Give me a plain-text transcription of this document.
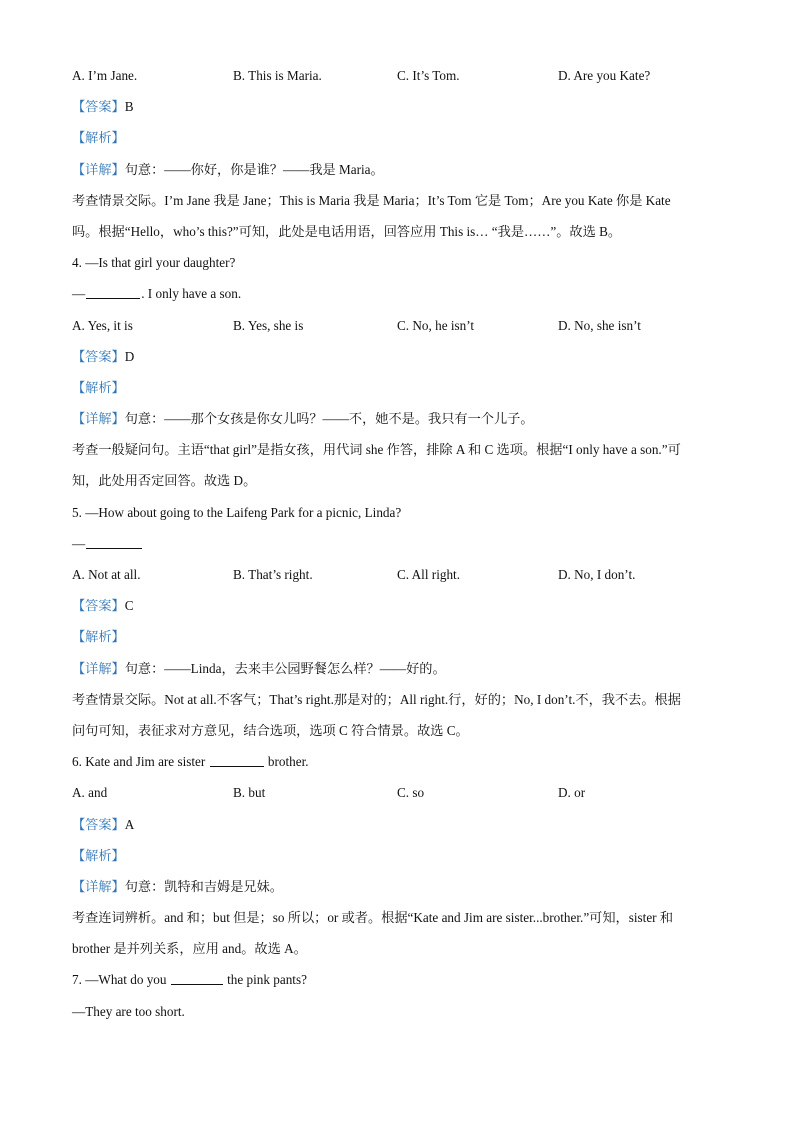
A. I’m Jane.	B. This is Maria.	C. It’s Tom.	D. Are you Kate?
【答案】B
【解析】
【详解】句意：——你好，你是谁？——我是 Maria。
考查情景交际。I’m Jane 我是 Jane；This is Maria 我是 Maria；It’s Tom 它是 Tom；Are you Kate 你是 Kate
吗。根据“Hello，who’s this?”可知，此处是电话用语，回答应用 This is… “我是……”。故选 B。
4. —Is that girl your daughter?
—	. I only have a son.
A. Yes, it is	B. Yes, she is	C. No, he isn’t	D. No, she isn’t
【答案】D
【解析】
【详解】句意：——那个女孩是你女儿吗？——不，她不是。我只有一个儿子。
考查一般疑问句。主语“that girl”是指女孩，用代词 she 作答，排除 A 和 C 选项。根据“I only have a son.”可
知，此处用否定回答。故选 D。
5. —How about going to the Laifeng Park for a picnic, Linda?
—
A. Not at all.	B. That’s right.	C. All right.	D. No, I don’t.
【答案】C
【解析】
【详解】句意：——Linda，去来丰公园野餐怎么样？——好的。
考查情景交际。Not at all.不客气；That’s right.那是对的；All right.行，好的；No, I don’t.不，我不去。根据
问句可知，表征求对方意见，结合选项，选项 C 符合情景。故选 C。
6. Kate and Jim are sister	brother.
A. and	B. but	C. so	D. or
【答案】A
【解析】
【详解】句意：凯特和吉姆是兄妹。
考查连词辨析。and 和；but 但是；so 所以；or 或者。根据“Kate and Jim are sister...brother.”可知，sister 和
brother 是并列关系，应用 and。故选 A。
7. —What do you	the pink pants?
—They are too short.
